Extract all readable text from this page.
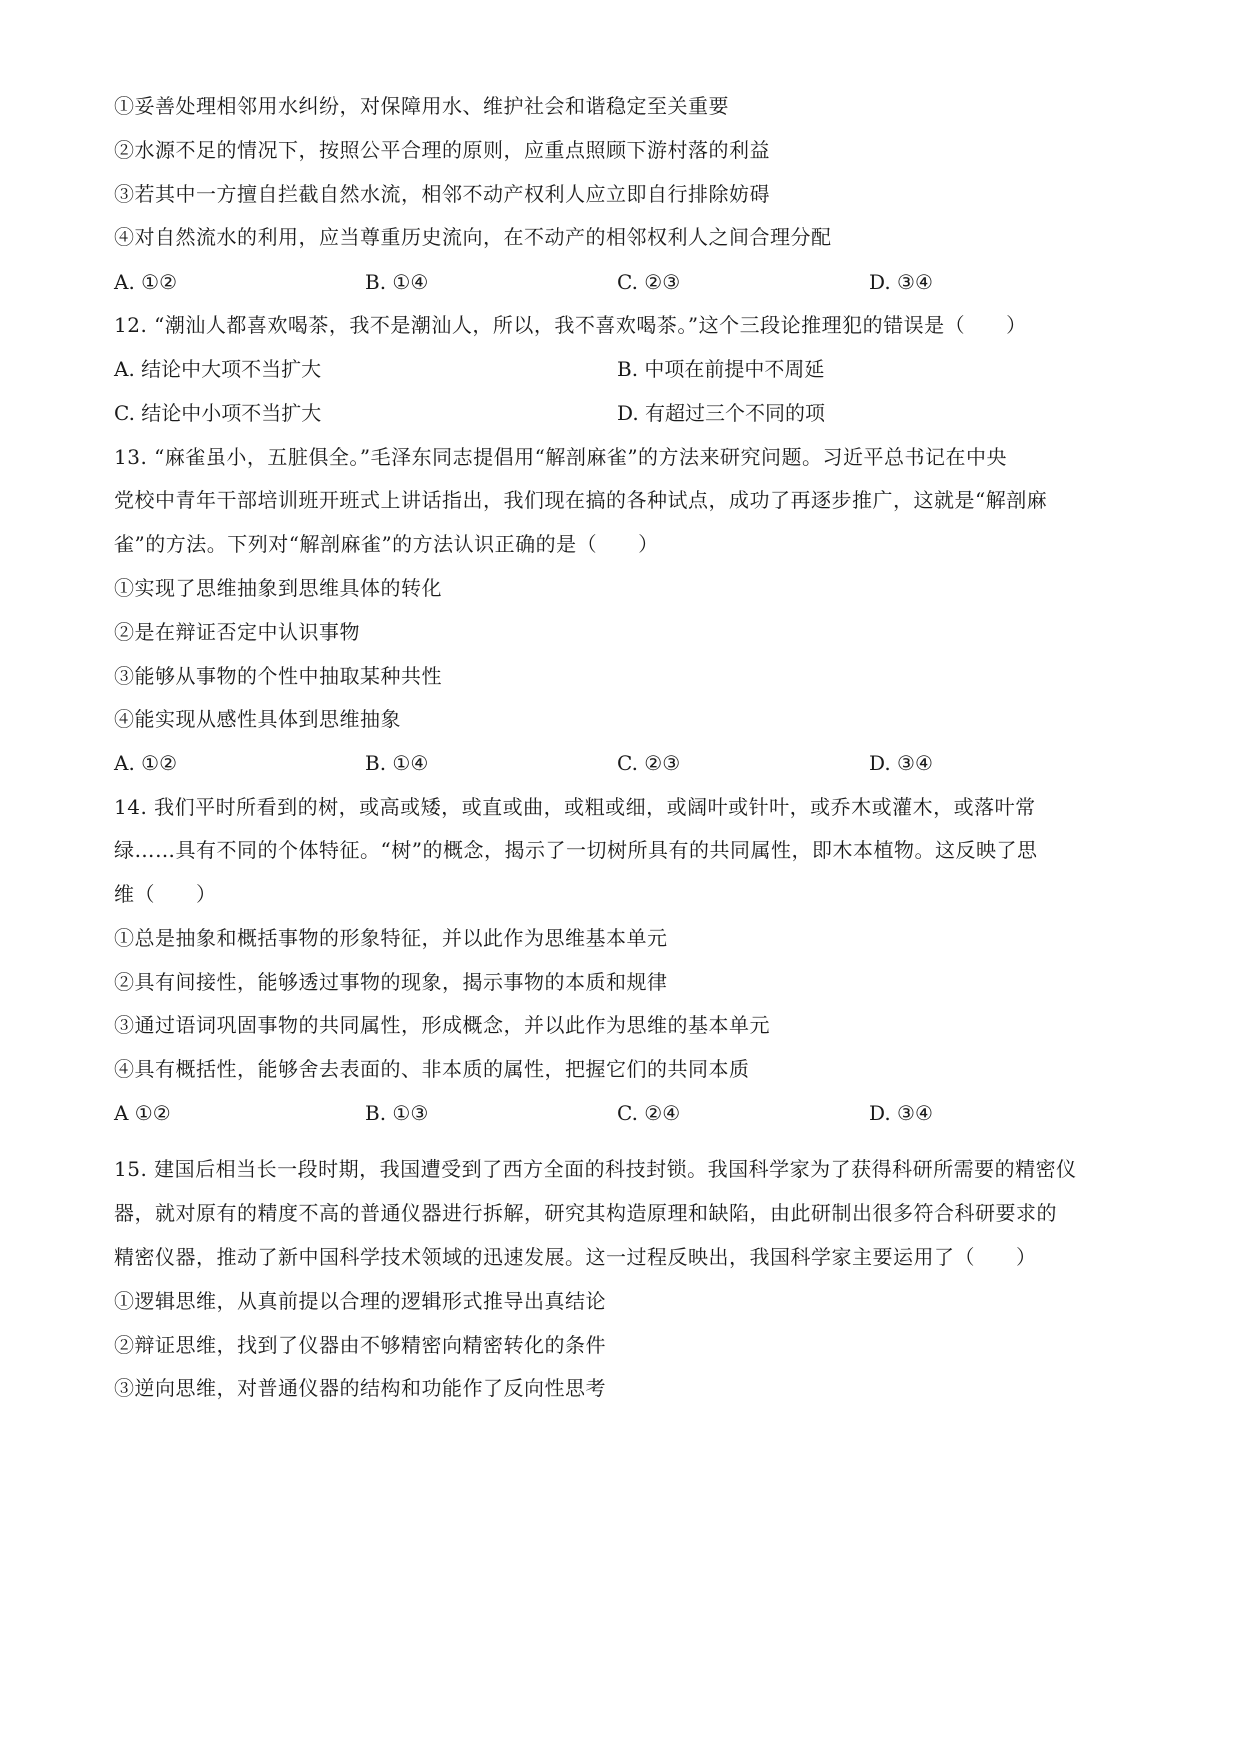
①妥善处理相邻用水纠纷，对保障用水、维护社会和谐稳定至关重要
②水源不足的情况下，按照公平合理的原则，应重点照顾下游村落的利益
③若其中一方擅自拦截自然水流，相邻不动产权利人应立即自行排除妨碍
④对自然流水的利用，应当尊重历史流向，在不动产的相邻权利人之间合理分配
A. ①②	B. ①④	C. ②③	D. ③④
12. “潮汕人都喜欢喝茶，我不是潮汕人，所以，我不喜欢喝茶。”这个三段论推理犯的错误是（　　）
A. 结论中大项不当扩大	B. 中项在前提中不周延
C. 结论中小项不当扩大	D. 有超过三个不同的项
13. “麻雀虽小，五脏俱全。”毛泽东同志提倡用“解剖麻雀”的方法来研究问题。习近平总书记在中央
党校中青年干部培训班开班式上讲话指出，我们现在搞的各种试点，成功了再逐步推广，这就是“解剖麻
雀”的方法。下列对“解剖麻雀”的方法认识正确的是（　　）
①实现了思维抽象到思维具体的转化
②是在辩证否定中认识事物
③能够从事物的个性中抽取某种共性
④能实现从感性具体到思维抽象
A. ①②	B. ①④	C. ②③	D. ③④
14. 我们平时所看到的树，或高或矮，或直或曲，或粗或细，或阔叶或针叶，或乔木或灌木，或落叶常
绿……具有不同的个体特征。“树”的概念，揭示了一切树所具有的共同属性，即木本植物。这反映了思
维（　　）
①总是抽象和概括事物的形象特征，并以此作为思维基本单元
②具有间接性，能够透过事物的现象，揭示事物的本质和规律
③通过语词巩固事物的共同属性，形成概念，并以此作为思维的基本单元
④具有概括性，能够舍去表面的、非本质的属性，把握它们的共同本质
A ①②	B. ①③	C. ②④	D. ③④
15. 建国后相当长一段时期，我国遭受到了西方全面的科技封锁。我国科学家为了获得科研所需要的精密仪
器，就对原有的精度不高的普通仪器进行拆解，研究其构造原理和缺陷，由此研制出很多符合科研要求的
精密仪器，推动了新中国科学技术领域的迅速发展。这一过程反映出，我国科学家主要运用了（　　）
①逻辑思维，从真前提以合理的逻辑形式推导出真结论
②辩证思维，找到了仪器由不够精密向精密转化的条件
③逆向思维，对普通仪器的结构和功能作了反向性思考
